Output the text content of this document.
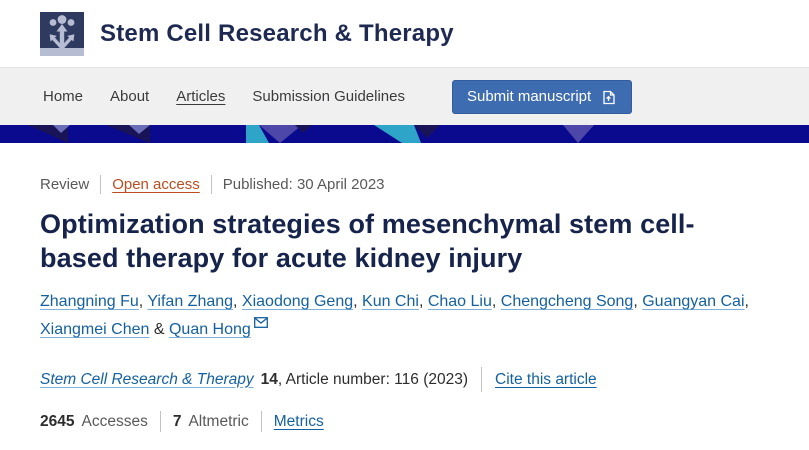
Stem Cell Research & Therapy
Home About Articles Submission Guidelines	Submit manuscript
Review Open access Published: 30 April 2023
Optimization strategies of mesenchymal stem cell-
based therapy for acute kidney injury

Zhangning Fu, Yifan Zhang, Xiaodong Geng, Kun Chi, Chao Liu, Chengcheng Song, Guangyan Cai, Xiangmei Chen & Quan Hong

Stem Cell Research & Therapy 14 , Article number: 116 (2023) Cite this article
2645 Accesses 7 Altmetric Metrics
